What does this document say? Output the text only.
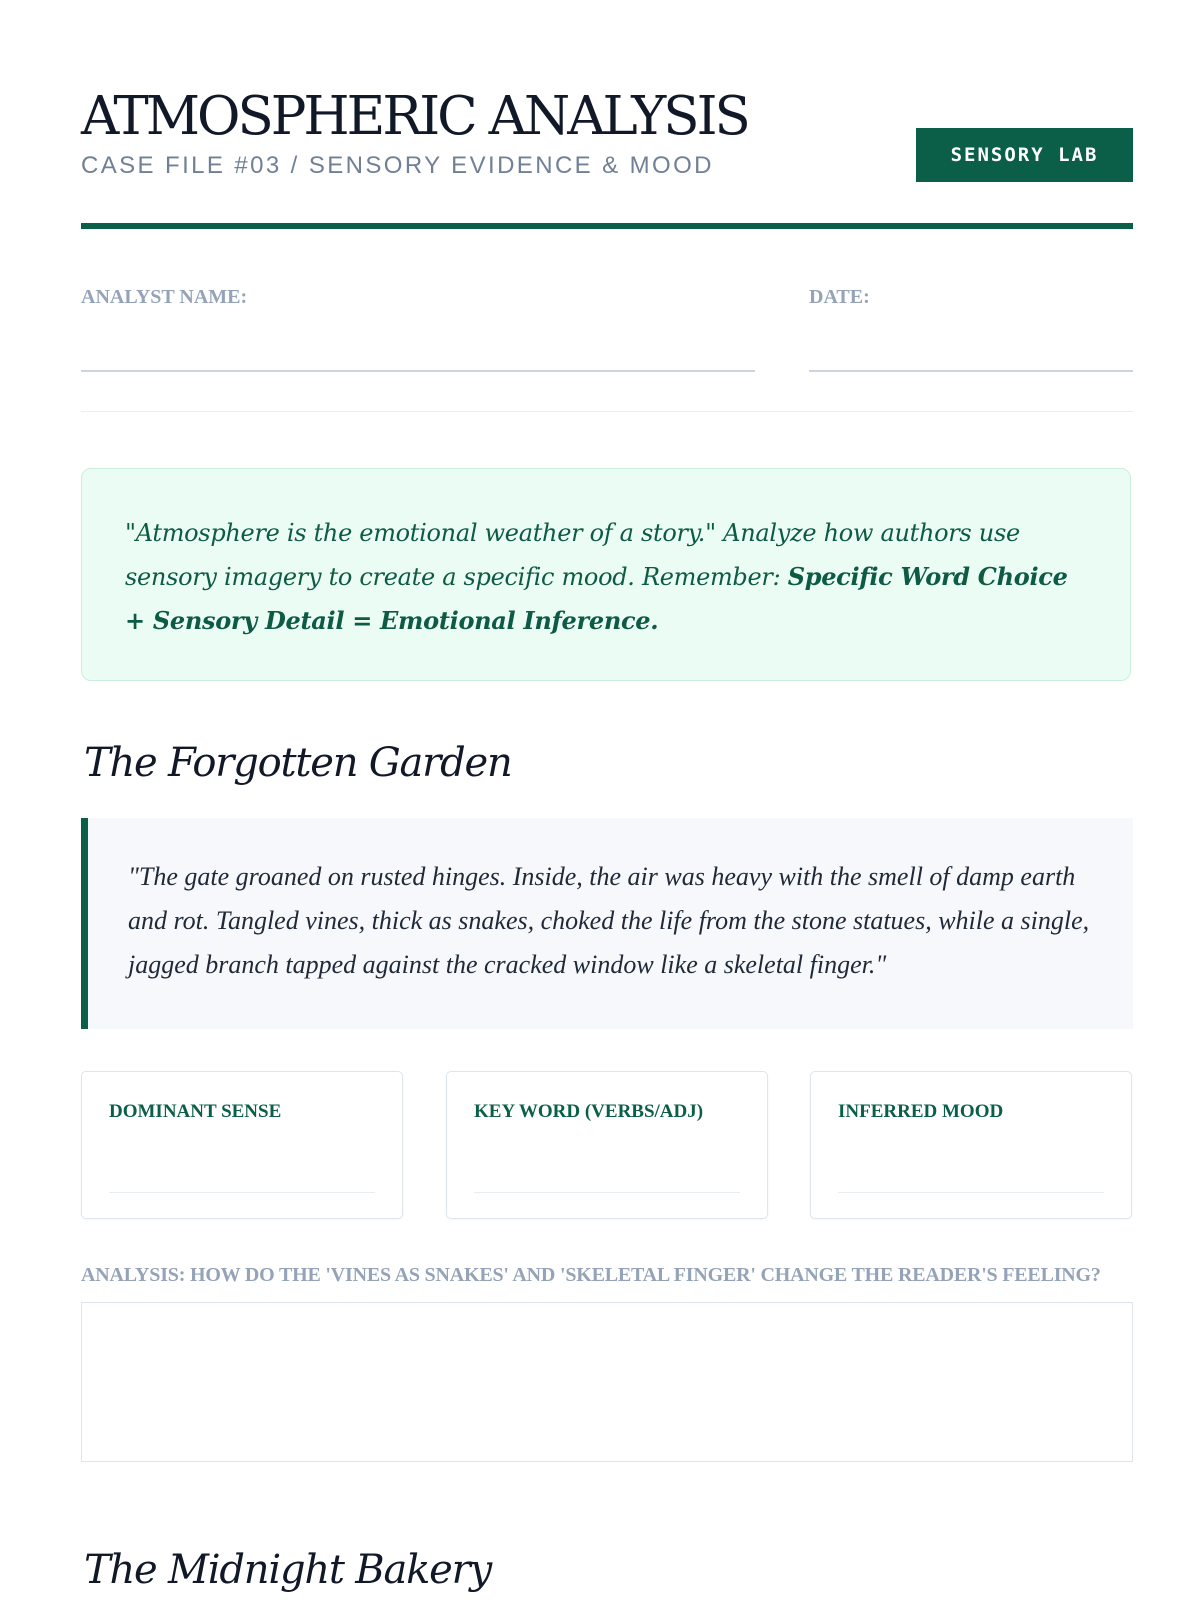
ATMOSPHERIC ANALYSIS
CASE FILE #03 / SENSORY EVIDENCE & MOOD	SENSORY LAB
ANALYST NAME:	DATE:
"Atmosphere is the emotional weather of a story." Analyze how authors use sensory imagery to create a specific mood. Remember: Specific Word Choice + Sensory Detail = Emotional Inference.
The Forgotten Garden
"The gate groaned on rusted hinges. Inside, the air was heavy with the smell of damp earth and rot. Tangled vines, thick as snakes, choked the life from the stone statues, while a single, jagged branch tapped against the cracked window like a skeletal finger."
DOMINANT SENSE	KEY WORD (VERBS/ADJ)	INFERRED MOOD
ANALYSIS: HOW DO THE 'VINES AS SNAKES' AND 'SKELETAL FINGER' CHANGE THE READER'S FEELING?
The Midnight Bakery
